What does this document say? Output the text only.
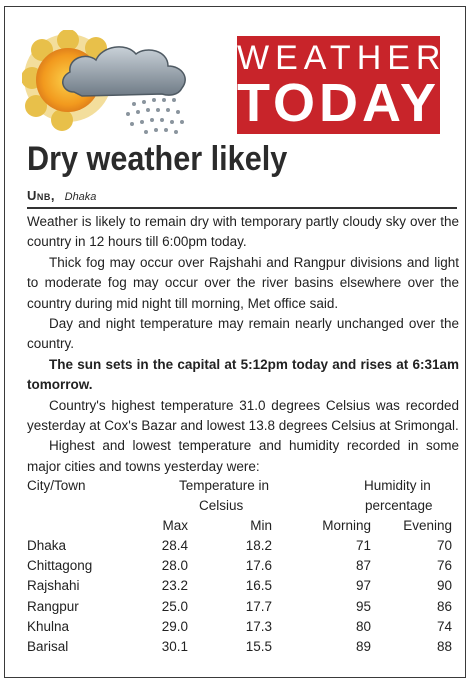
WEATHER
TODAY
Dry weather likely
Unb, Dhaka

Weather is likely to remain dry with temporary partly cloudy sky over the country in 12 hours till 6:00pm today.

Thick fog may occur over Rajshahi and Rangpur divisions and light to moderate fog may occur over the river basins elsewhere over the country during mid night till morning, Met office said.

Day and night temperature may remain nearly unchanged over the country.

The sun sets in the capital at 5:12pm today and rises at 6:31am tomorrow.

Country's highest temperature 31.0 degrees Celsius was recorded yesterday at Cox's Bazar and lowest 13.8 degrees Celsius at Srimongal.

Highest and lowest temperature and humidity recorded in some major cities and towns yesterday were:

City/Town	Temperature in	Humidity in
Celsius	percentage
Max	Min	Morning Evening
Dhaka	28.4	18.2	71	70
Chittagong	28.0	17.6	87	76
Rajshahi	23.2	16.5	97	90
Rangpur	25.0	17.7	95	86
Khulna	29.0	17.3	80	74
Barisal	30.1	15.5	89	88
